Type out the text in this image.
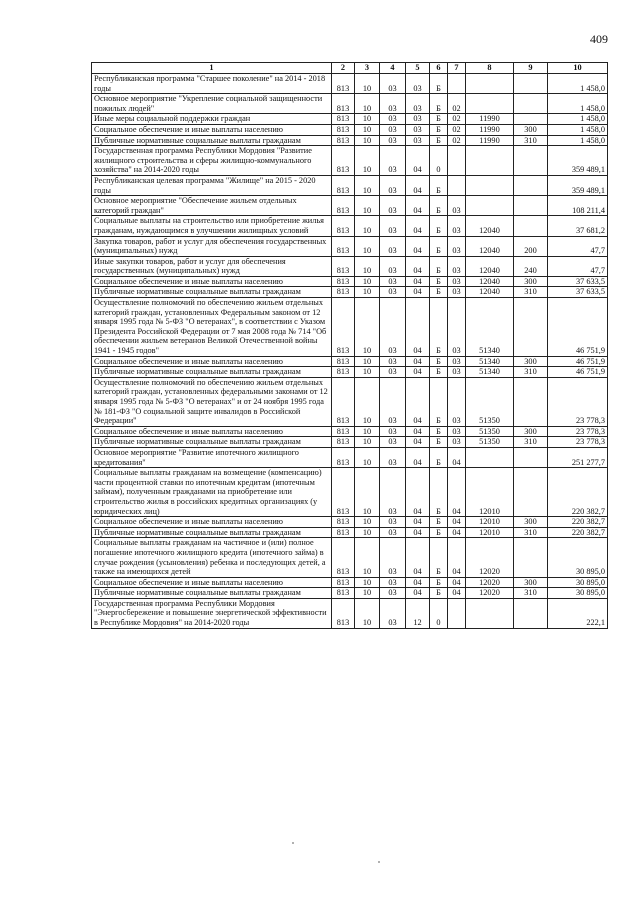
409
1	2	3	4	5	6	7	8	9	10
Республиканская программа "Старшее поколение" на 2014 - 2018 годы	813	10	03	03	Б				1 458,0
Основное мероприятие "Укрепление социальной защищенности пожилых людей"	813	10	03	03	Б	02			1 458,0
Иные меры социальной поддержки граждан	813	10	03	03	Б	02	11990		1 458,0
Социальное обеспечение и иные выплаты населению	813	10	03	03	Б	02	11990	300	1 458,0
Публичные нормативные социальные выплаты гражданам	813	10	03	03	Б	02	11990	310	1 458,0
Государственная программа Республики Мордовия "Развитие жилищного строительства и сферы жилищно-коммунального хозяйства" на 2014-2020 годы	813	10	03	04	0				359 489,1
Республиканская целевая программа "Жилище" на 2015 - 2020 годы	813	10	03	04	Б				359 489,1
Основное мероприятие "Обеспечение жильем отдельных категорий граждан"	813	10	03	04	Б	03			108 211,4
Социальные выплаты на строительство или приобретение жилья гражданам, нуждающимся в улучшении жилищных условий	813	10	03	04	Б	03	12040		37 681,2
Закупка товаров, работ и услуг для обеспечения государственных (муниципальных) нужд	813	10	03	04	Б	03	12040	200	47,7
Иные закупки товаров, работ и услуг для обеспечения государственных (муниципальных) нужд	813	10	03	04	Б	03	12040	240	47,7
Социальное обеспечение и иные выплаты населению	813	10	03	04	Б	03	12040	300	37 633,5
Публичные нормативные социальные выплаты гражданам	813	10	03	04	Б	03	12040	310	37 633,5
Осуществление полномочий по обеспечению жильем отдельных категорий граждан, установленных Федеральным законом от 12 января 1995 года № 5-ФЗ "О ветеранах", в соответствии с Указом Президента Российской Федерации от 7 мая 2008 года № 714 "Об обеспечении жильем ветеранов Великой Отечественной войны 1941 - 1945 годов"	813	10	03	04	Б	03	51340		46 751,9
Социальное обеспечение и иные выплаты населению	813	10	03	04	Б	03	51340	300	46 751,9
Публичные нормативные социальные выплаты гражданам	813	10	03	04	Б	03	51340	310	46 751,9
Осуществление полномочий по обеспечению жильем отдельных категорий граждан, установленных федеральными законами от 12 января 1995 года № 5-ФЗ "О ветеранах" и от 24 ноября 1995 года № 181-ФЗ "О социальной защите инвалидов в Российской Федерации"	813	10	03	04	Б	03	51350		23 778,3
Социальное обеспечение и иные выплаты населению	813	10	03	04	Б	03	51350	300	23 778,3
Публичные нормативные социальные выплаты гражданам	813	10	03	04	Б	03	51350	310	23 778,3
Основное мероприятие "Развитие ипотечного жилищного кредитования"	813	10	03	04	Б	04			251 277,7
Социальные выплаты гражданам на возмещение (компенсацию) части процентной ставки по ипотечным кредитам (ипотечным займам), полученным гражданами на приобретение или строительство жилья в российских кредитных организациях (у юридических лиц)	813	10	03	04	Б	04	12010		220 382,7
Социальное обеспечение и иные выплаты населению	813	10	03	04	Б	04	12010	300	220 382,7
Публичные нормативные социальные выплаты гражданам	813	10	03	04	Б	04	12010	310	220 382,7
Социальные выплаты гражданам на частичное и (или) полное погашение ипотечного жилищного кредита (ипотечного займа) в случае рождения (усыновления) ребенка и последующих детей, а также на имеющихся детей	813	10	03	04	Б	04	12020		30 895,0
Социальное обеспечение и иные выплаты населению	813	10	03	04	Б	04	12020	300	30 895,0
Публичные нормативные социальные выплаты гражданам	813	10	03	04	Б	04	12020	310	30 895,0
Государственная программа Республики Мордовия "Энергосбережение и повышение энергетической эффективности в Республике Мордовия" на 2014-2020 годы	813	10	03	12	0				222,1
